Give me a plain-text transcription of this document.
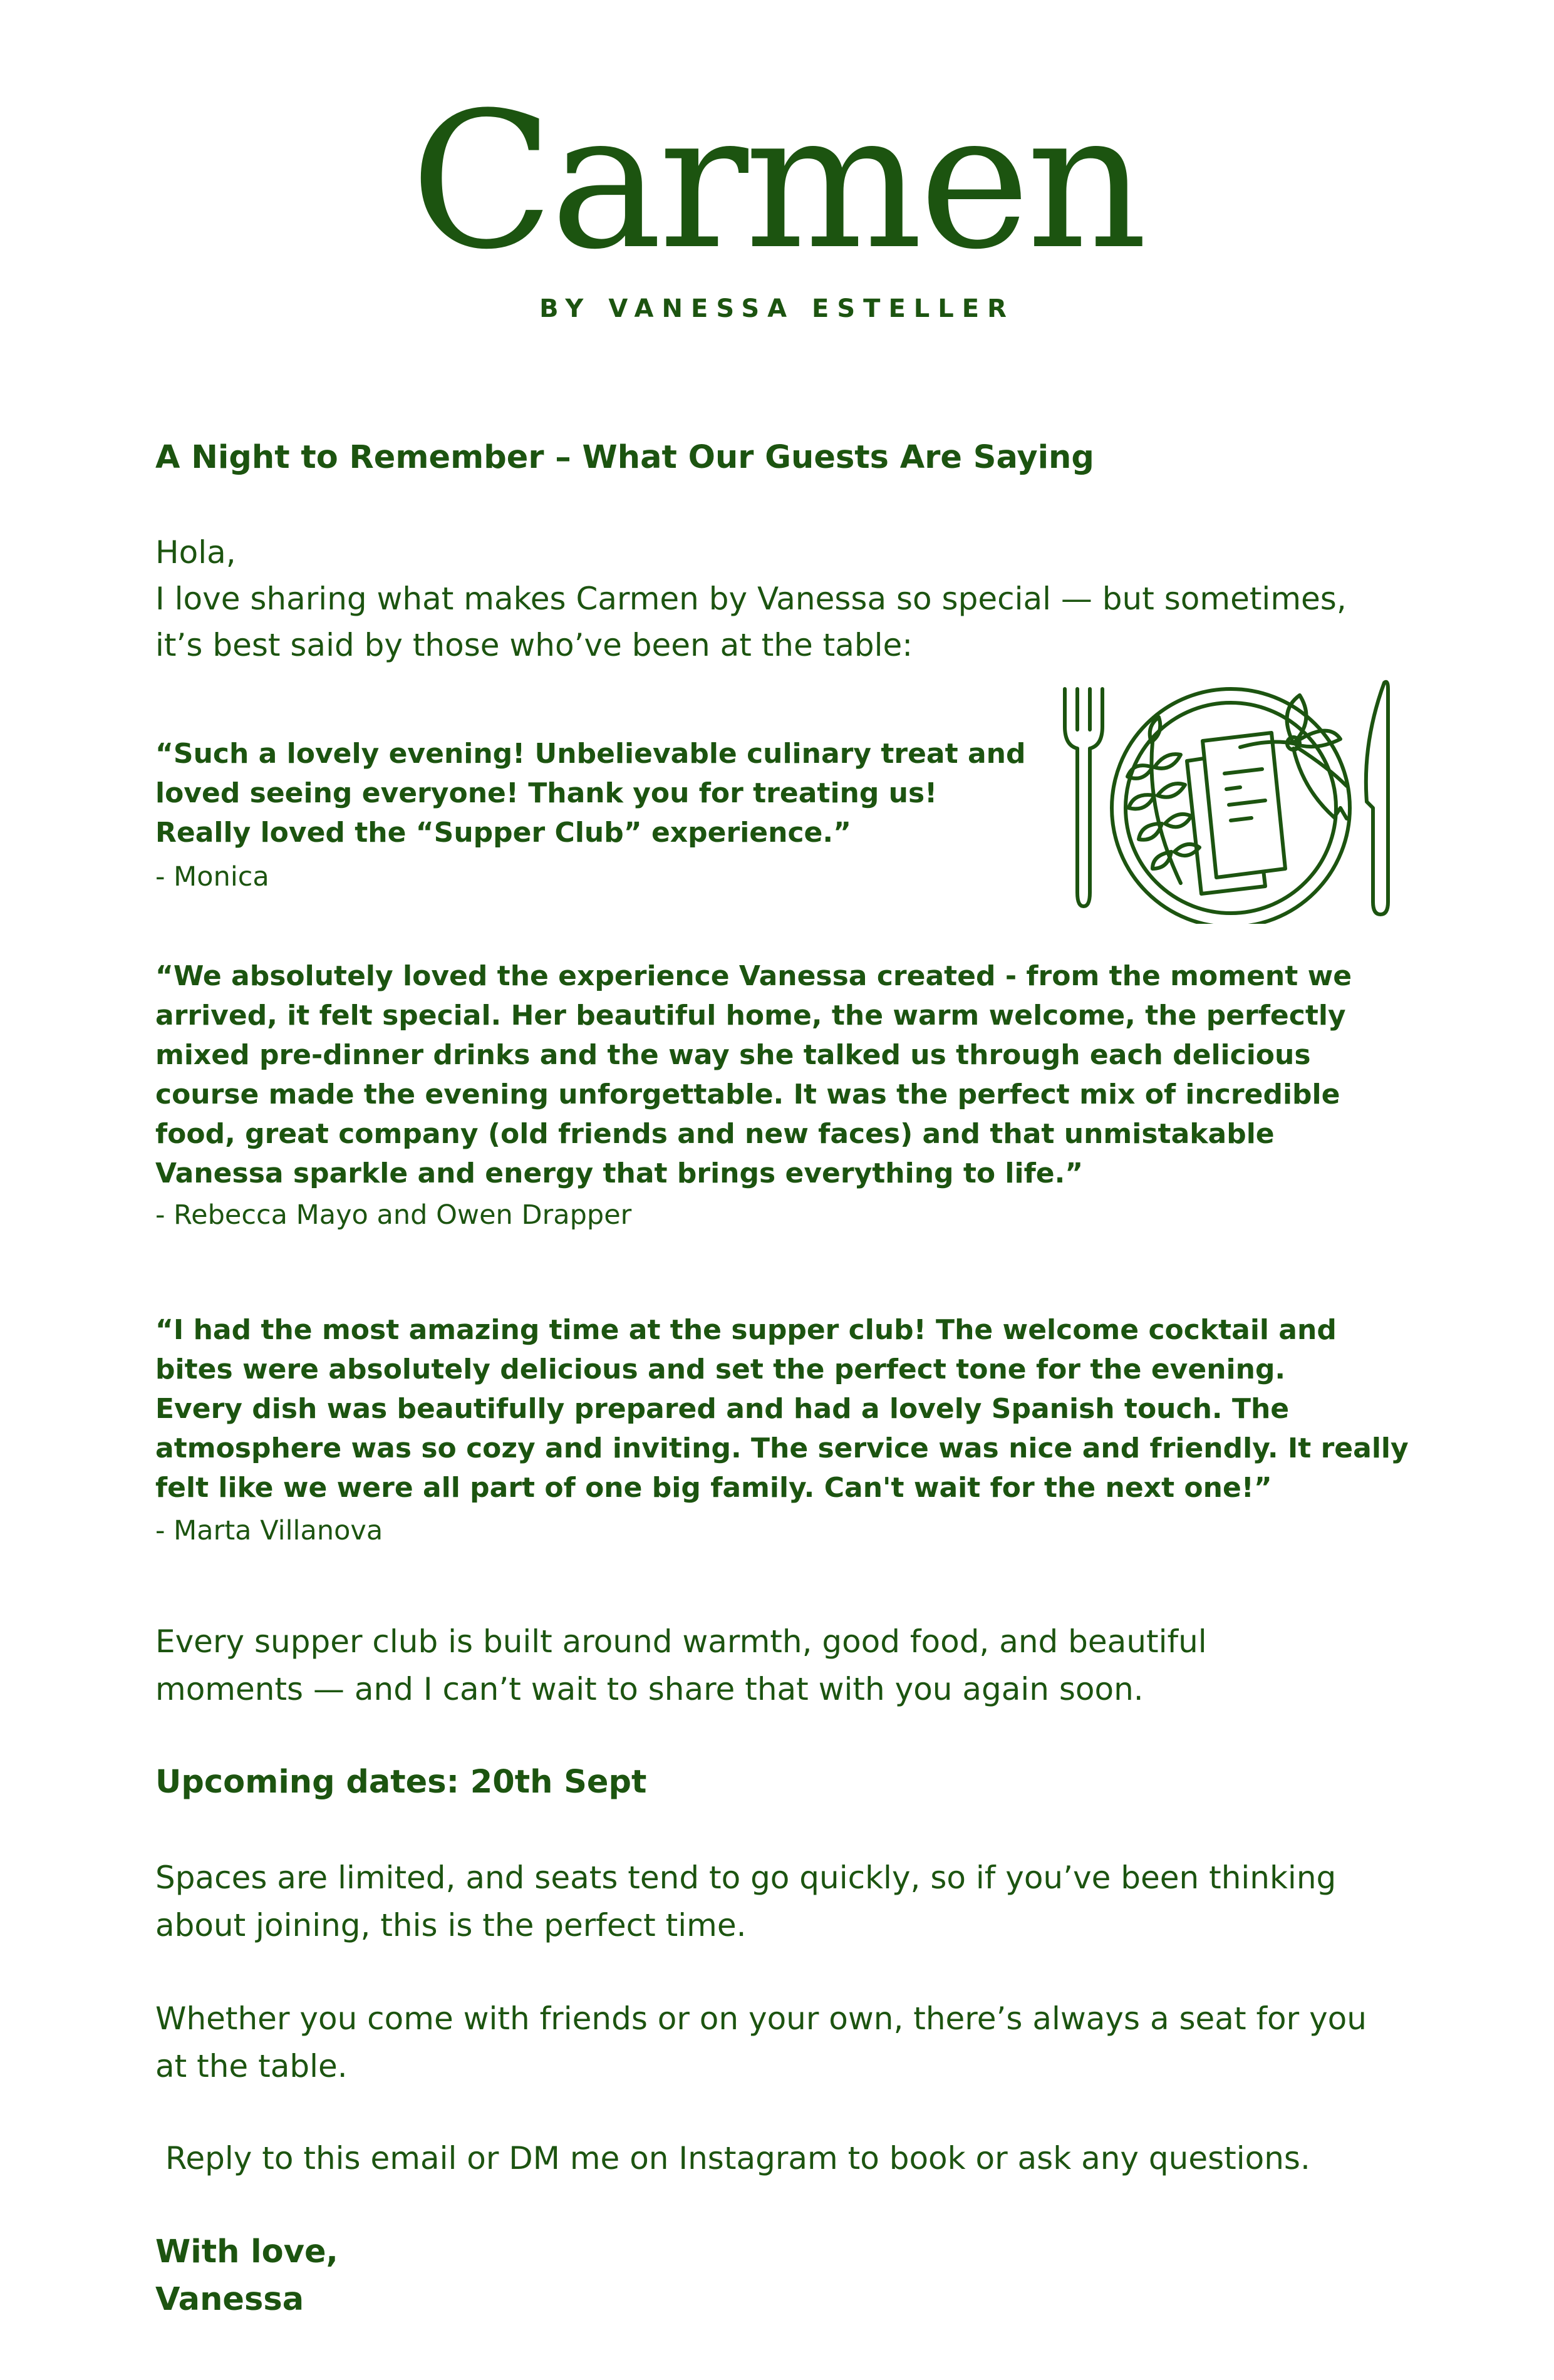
Carmen
BY VANESSA ESTELLER
A Night to Remember – What Our Guests Are Saying
Hola,
I love sharing what makes Carmen by Vanessa so special — but sometimes,
it’s best said by those who’ve been at the table:
“Such a lovely evening! Unbelievable culinary treat and
loved seeing everyone! Thank you for treating us!
Really loved the “Supper Club” experience.”
- Monica
“We absolutely loved the experience Vanessa created - from the moment we
arrived, it felt special. Her beautiful home, the warm welcome, the perfectly
mixed pre-dinner drinks and the way she talked us through each delicious
course made the evening unforgettable. It was the perfect mix of incredible
food, great company (old friends and new faces) and that unmistakable
Vanessa sparkle and energy that brings everything to life.”
- Rebecca Mayo and Owen Drapper
“I had the most amazing time at the supper club! The welcome cocktail and
bites were absolutely delicious and set the perfect tone for the evening.
Every dish was beautifully prepared and had a lovely Spanish touch. The
atmosphere was so cozy and inviting. The service was nice and friendly. It really
felt like we were all part of one big family. Can't wait for the next one!”
- Marta Villanova
Every supper club is built around warmth, good food, and beautiful
moments — and I can’t wait to share that with you again soon.
Upcoming dates: 20th Sept
Spaces are limited, and seats tend to go quickly, so if you’ve been thinking
about joining, this is the perfect time.
Whether you come with friends or on your own, there’s always a seat for you
at the table.
Reply to this email or DM me on Instagram to book or ask any questions.
With love,
Vanessa
